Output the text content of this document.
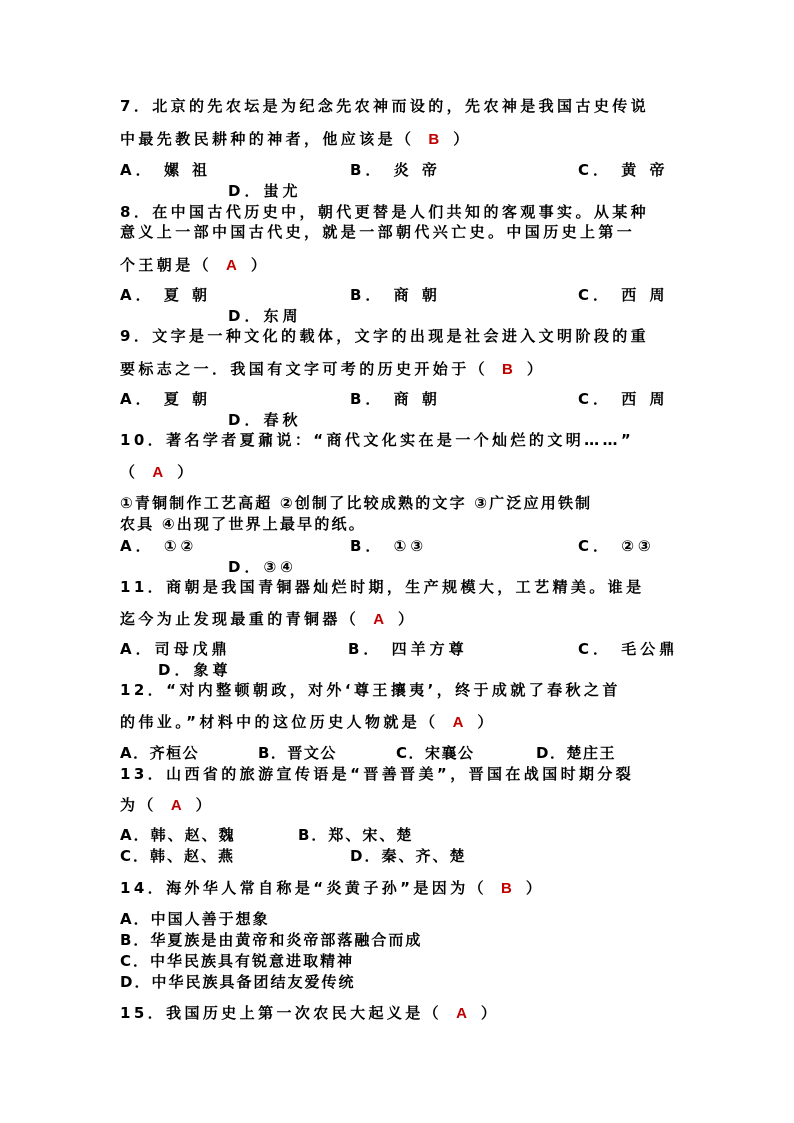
7．北京的先农坛是为纪念先农神而设的，先农神是我国古史传说
中最先教民耕种的神者，他应该是（ B ）
A． 嫘 祖	B． 炎 帝	C． 黄 帝
D．蚩尤
8．在中国古代历史中，朝代更替是人们共知的客观事实。从某种
意义上一部中国古代史，就是一部朝代兴亡史。中国历史上第一
个王朝是（ A ）
A． 夏 朝	B． 商 朝	C． 西 周
D．东周
9．文字是一种文化的载体，文字的出现是社会进入文明阶段的重
要标志之一．我国有文字可考的历史开始于（ B ）
A． 夏 朝	B． 商 朝	C． 西 周
D．春秋
10．著名学者夏鼐说：“商代文化实在是一个灿烂的文明……”
（ A ）
①青铜制作工艺高超 ②创制了比较成熟的文字 ③广泛应用铁制
农具 ④出现了世界上最早的纸。
A． ①②	B． ①③	C． ②③
D．③④
11．商朝是我国青铜器灿烂时期，生产规模大，工艺精美。谁是
迄今为止发现最重的青铜器（ A ）
A．司母戊鼎	B． 四羊方尊	C． 毛公鼎
D．象尊
12．“对内整顿朝政，对外‘尊王攘夷’，终于成就了春秋之首
的伟业。”材料中的这位历史人物就是（ A ）
A．齐桓公	B．晋文公	C．宋襄公	D．楚庄王
13．山西省的旅游宣传语是“晋善晋美”，晋国在战国时期分裂
为（ A ）
A．韩、赵、魏	B．郑、宋、楚
C．韩、赵、燕	D．秦、齐、楚
14．海外华人常自称是“炎黄子孙”是因为（ B ）
A．中国人善于想象
B．华夏族是由黄帝和炎帝部落融合而成
C．中华民族具有锐意进取精神
D．中华民族具备团结友爱传统
15．我国历史上第一次农民大起义是（ A ）
